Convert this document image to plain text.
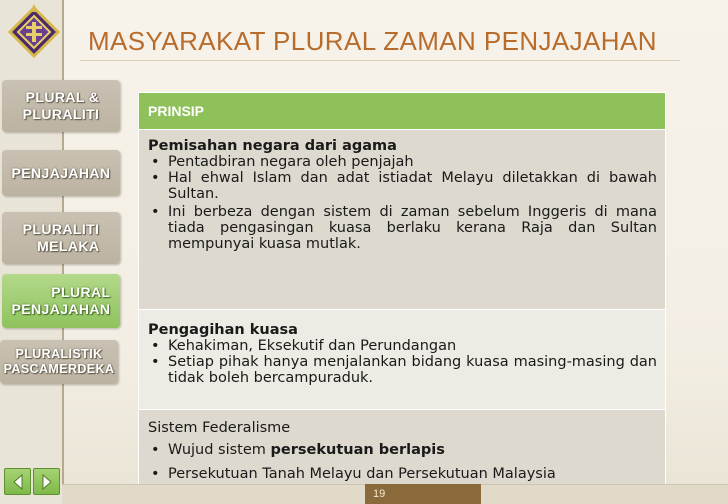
MASYARAKAT PLURAL ZAMAN PENJAJAHAN
PLURAL &
PLURALITI
PENJAJAHAN
PLURALITI
MELAKA
PLURAL
PENJAJAHAN
PLURALISTIK
PASCAMERDEKA
PRINSIP
Pemisahan negara dari agama
• Pentadbiran negara oleh penjajah
• Hal ehwal Islam dan adat istiadat Melayu diletakkan di bawah Sultan.
• Ini berbeza dengan sistem di zaman sebelum Inggeris di mana tiada pengasingan kuasa berlaku kerana Raja dan Sultan mempunyai kuasa mutlak.
Pengagihan kuasa
• Kehakiman, Eksekutif dan Perundangan
• Setiap pihak hanya menjalankan bidang kuasa masing-masing dan tidak boleh bercampuraduk.
Sistem Federalisme
• Wujud sistem persekutuan berlapis
• Persekutuan Tanah Melayu dan Persekutuan Malaysia
19
